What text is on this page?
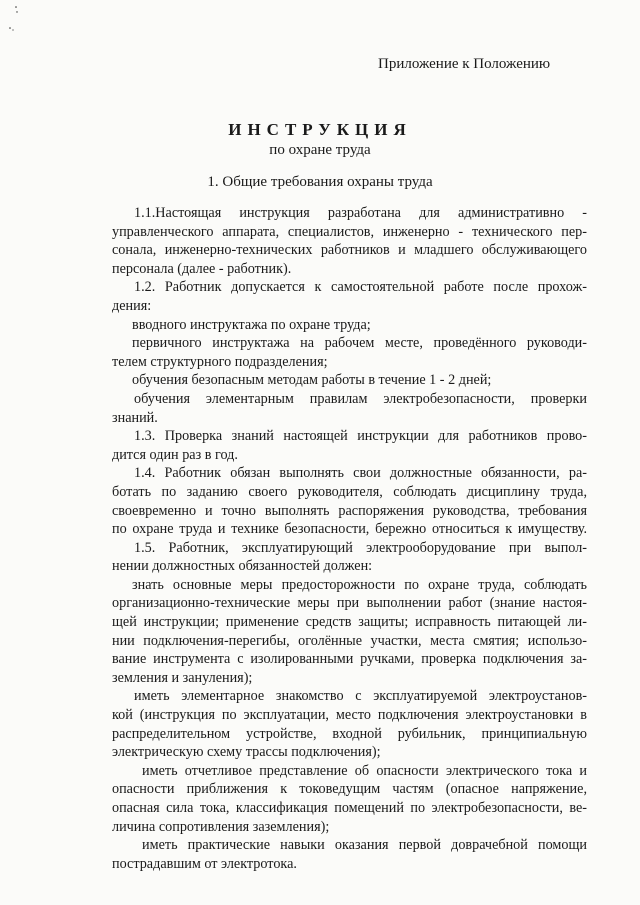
Приложение к Положению
ИНСТРУКЦИЯ
по охране труда
1. Общие требования охраны труда
1.1.Настоящая инструкция разработана для административно -
управленческого аппарата, специалистов, инженерно - технического пер-
сонала, инженерно-технических работников и младшего обслуживающего
персонала (далее - работник).
1.2. Работник допускается к самостоятельной работе после прохож-
дения:
вводного инструктажа по охране труда;
первичного инструктажа на рабочем месте, проведённого руководи-
телем структурного подразделения;
обучения безопасным методам работы в течение 1 - 2 дней;
обучения элементарным правилам электробезопасности, проверки
знаний.
1.3. Проверка знаний настоящей инструкции для работников прово-
дится один раз в год.
1.4. Работник обязан выполнять свои должностные обязанности, ра-
ботать по заданию своего руководителя, соблюдать дисциплину труда,
своевременно и точно выполнять распоряжения руководства, требования
по охране труда и технике безопасности, бережно относиться к имуществу.
1.5. Работник, эксплуатирующий электрооборудование при выпол-
нении должностных обязанностей должен:
знать основные меры предосторожности по охране труда, соблюдать
организационно-технические меры при выполнении работ (знание настоя-
щей инструкции; применение средств защиты; исправность питающей ли-
нии подключения-перегибы, оголённые участки, места смятия; использо-
вание инструмента с изолированными ручками, проверка подключения за-
земления и зануления);
иметь элементарное знакомство с эксплуатируемой электроустанов-
кой (инструкция по эксплуатации, место подключения электроустановки в
распределительном устройстве, входной рубильник, принципиальную
электрическую схему трассы подключения);
иметь отчетливое представление об опасности электрического тока и
опасности приближения к токоведущим частям (опасное напряжение,
опасная сила тока, классификация помещений по электробезопасности, ве-
личина сопротивления заземления);
иметь практические навыки оказания первой доврачебной помощи
пострадавшим от электротока.
